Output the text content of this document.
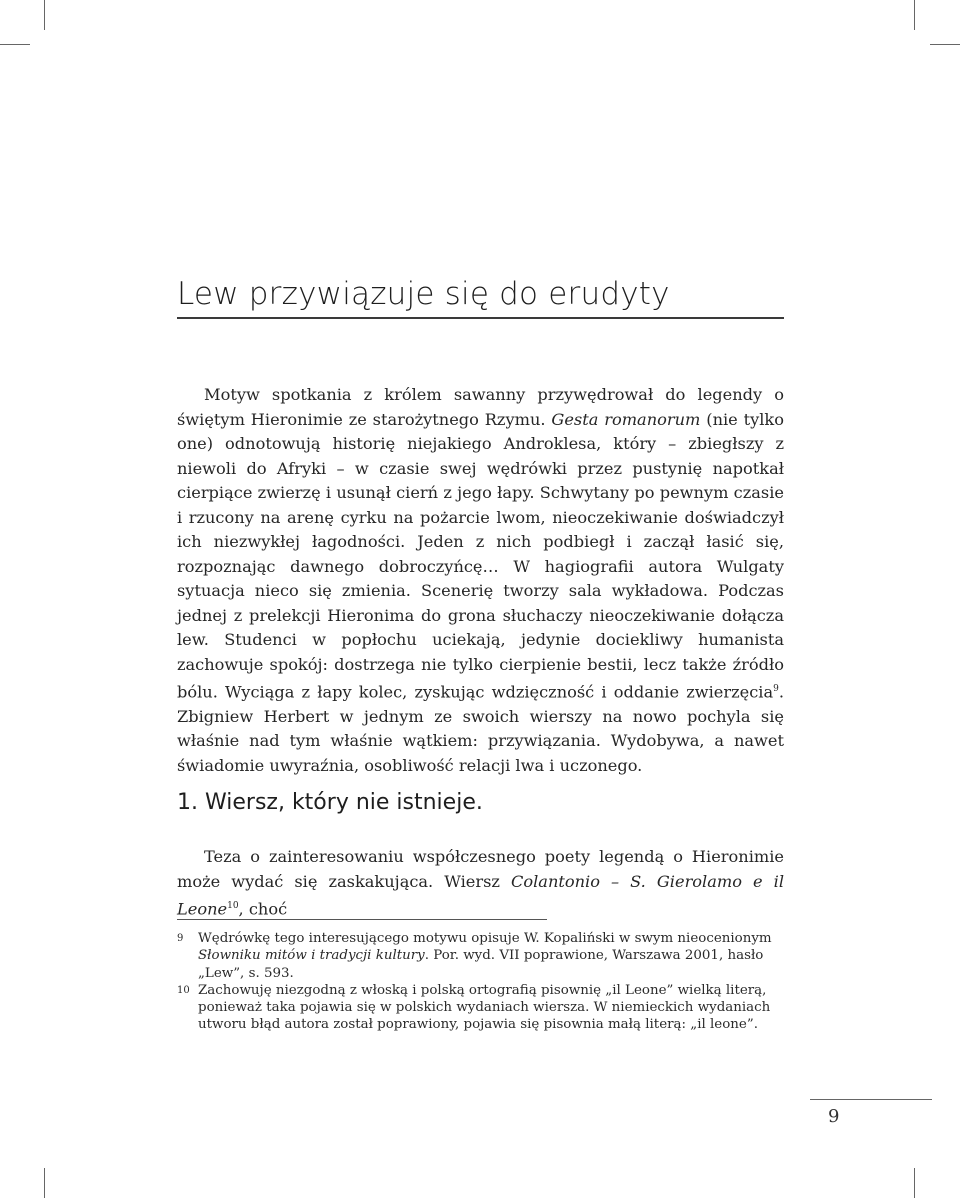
Lew przywiązuje się do erudyty

Motyw spotkania z królem sawanny przywędrował do legendy o świętym Hieronimie ze starożytnego Rzymu. Gesta romanorum (nie tylko one) odnotowują historię niejakiego Androklesa, który – zbiegłszy z niewoli do Afryki – w czasie swej wędrówki przez pustynię napotkał cierpiące zwierzę i usunął cierń z jego łapy. Schwytany po pewnym czasie i rzucony na arenę cyrku na pożarcie lwom, nieoczekiwanie doświadczył ich niezwykłej łagodności. Jeden z nich podbiegł i zaczął łasić się, rozpoznając dawnego dobroczyńcę… W hagiografii autora Wulgaty sytuacja nieco się zmienia. Scenerię tworzy sala wykładowa. Podczas jednej z prelekcji Hieronima do grona słuchaczy nieoczekiwanie dołącza lew. Studenci w popłochu uciekają, jedynie dociekliwy humanista zachowuje spokój: dostrzega nie tylko cierpienie bestii, lecz także źródło bólu. Wyciąga z łapy kolec, zyskując wdzięczność i oddanie zwierzęcia$^9$. Zbigniew Herbert w jednym ze swoich wierszy na nowo pochyla się właśnie nad tym właśnie wątkiem: przywiązania. Wydobywa, a nawet świadomie uwyraźnia, osobliwość relacji lwa i uczonego.

1. Wiersz, który nie istnieje.

Teza o zainteresowaniu współczesnego poety legendą o Hieronimie może wydać się zaskakująca. Wiersz Colantonio – S. Gierolamo e il Leone$^{10}$, choć

9 Wędrówkę tego interesującego motywu opisuje W. Kopaliński w swym nieocenionym Słowniku mitów i tradycji kultury. Por. wyd. VII poprawione, Warszawa 2001, hasło „Lew”, s. 593.
10 Zachowuję niezgodną z włoską i polską ortografią pisownię „il Leone” wielką literą, ponieważ taka pojawia się w polskich wydaniach wiersza. W niemieckich wydaniach utworu błąd autora został poprawiony, pojawia się pisownia małą literą: „il leone”.
9
